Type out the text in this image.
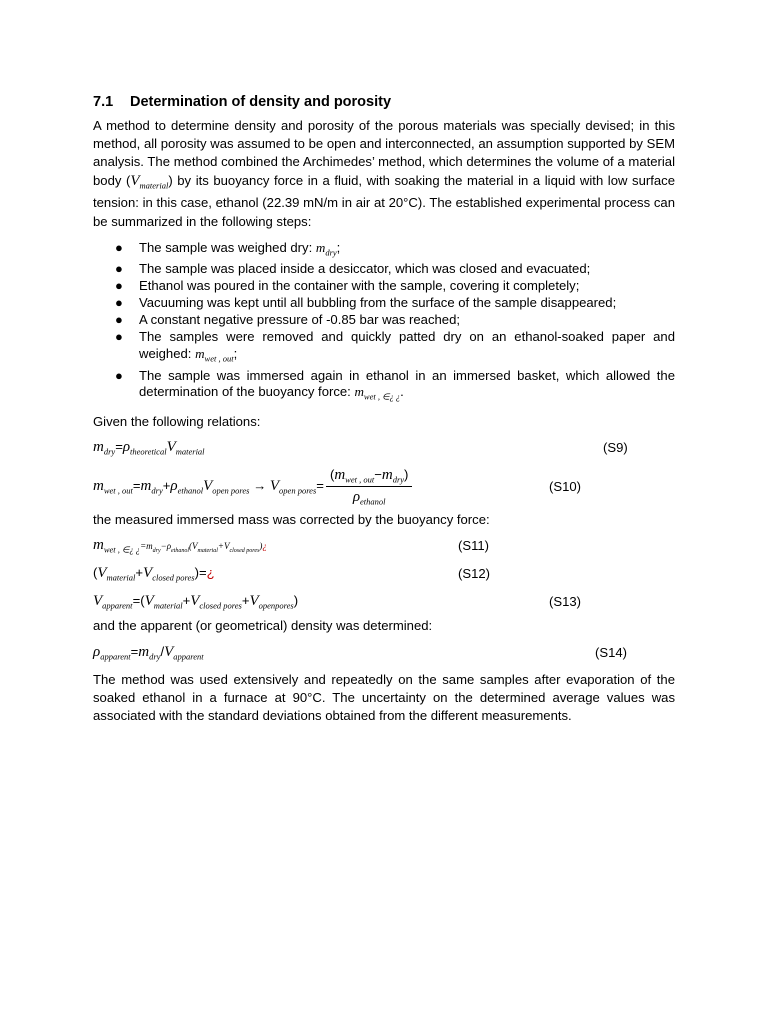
7.1	Determination of density and porosity

A method to determine density and porosity of the porous materials was specially devised; in this method, all porosity was assumed to be open and interconnected, an assumption supported by SEM analysis. The method combined the Archimedes’ method, which determines the volume of a material body $(V_{material})$ by its buoyancy force in a fluid, with soaking the material in a liquid with low surface tension: in this case, ethanol (22.39 mN/m in air at 20°C). The established experimental process can be summarized in the following steps:

● The sample was weighed dry: $m_{dry}$;
● The sample was placed inside a desiccator, which was closed and evacuated;
● Ethanol was poured in the container with the sample, covering it completely;
● Vacuuming was kept until all bubbling from the surface of the sample disappeared;
● A constant negative pressure of -0.85 bar was reached;
● The samples were removed and quickly patted dry on an ethanol-soaked paper and weighed: $m_{wet , out}$;
● The sample was immersed again in ethanol in an immersed basket, which allowed the determination of the buoyancy force: $m_{wet , \in¿ ¿}$.

Given the following relations:

$m_{dry}=\rho_{theoretical}V_{material}$	(S9)
$m_{wet , out}=m_{dry}+\rho_{ethanol}V_{open pores} \to V_{open pores}= \frac{(m_{wet , out}-m_{dry})}{\rho_{ethanol}}$	(S10)

the measured immersed mass was corrected by the buoyancy force:

$m_{wet , \in¿ ¿}=m_{dry}-\rho_{ethanol}(V_{material}+V_{closed pores})¿$	(S11)
$(V_{material}+V_{closed pores})=¿$	(S12)
$V_{apparent}=(V_{material}+V_{closed pores}+V_{openpores})$	(S13)

and the apparent (or geometrical) density was determined:

$\rho_{apparent}=m_{dry}/V_{apparent}$	(S14)

The method was used extensively and repeatedly on the same samples after evaporation of the soaked ethanol in a furnace at 90°C. The uncertainty on the determined average values was associated with the standard deviations obtained from the different measurements.
